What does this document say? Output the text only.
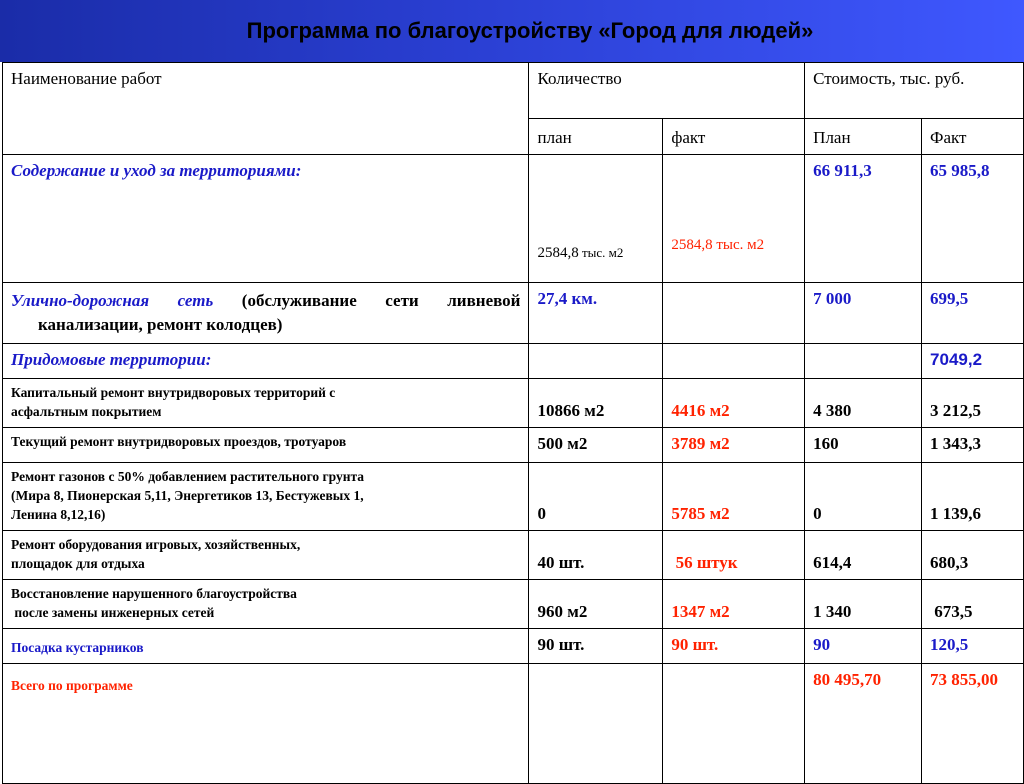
Программа по благоустройству «Город для людей»
Наименование работ	Количество		Стоимость, тыс. руб.	
	план	факт	План	Факт
Содержание и уход за территориями:	2584,8 тыс. м2	2584,8 тыс. м2	66 911,3	65 985,8

Улично-дорожная сеть (обслуживание сети ливневой
канализации, ремонт колодцев)	27,4 км.		7 000	699,5
Придомовые территории:				7049,2

Капитальный ремонт внутридворовых территорий с
асфальтным покрытием	10866 м2	4416 м2	4 380	3 212,5
Текущий ремонт внутридворовых проездов, тротуаров	500 м2	3789 м2	160	1 343,3

Ремонт газонов с 50% добавлением растительного грунта
(Мира 8, Пионерская 5,11, Энергетиков 13, Бестужевых 1,
Ленина 8,12,16)	0	5785 м2	0	1 139,6

Ремонт оборудования игровых, хозяйственных,
площадок для отдыха	40 шт.	56 штук	614,4	680,3

Восстановление нарушенного благоустройства
после замены инженерных сетей	960 м2	1347 м2	1 340	673,5
Посадка кустарников	90 шт.	90 шт.	90	120,5
Всего по программе			80 495,70	73 855,00
